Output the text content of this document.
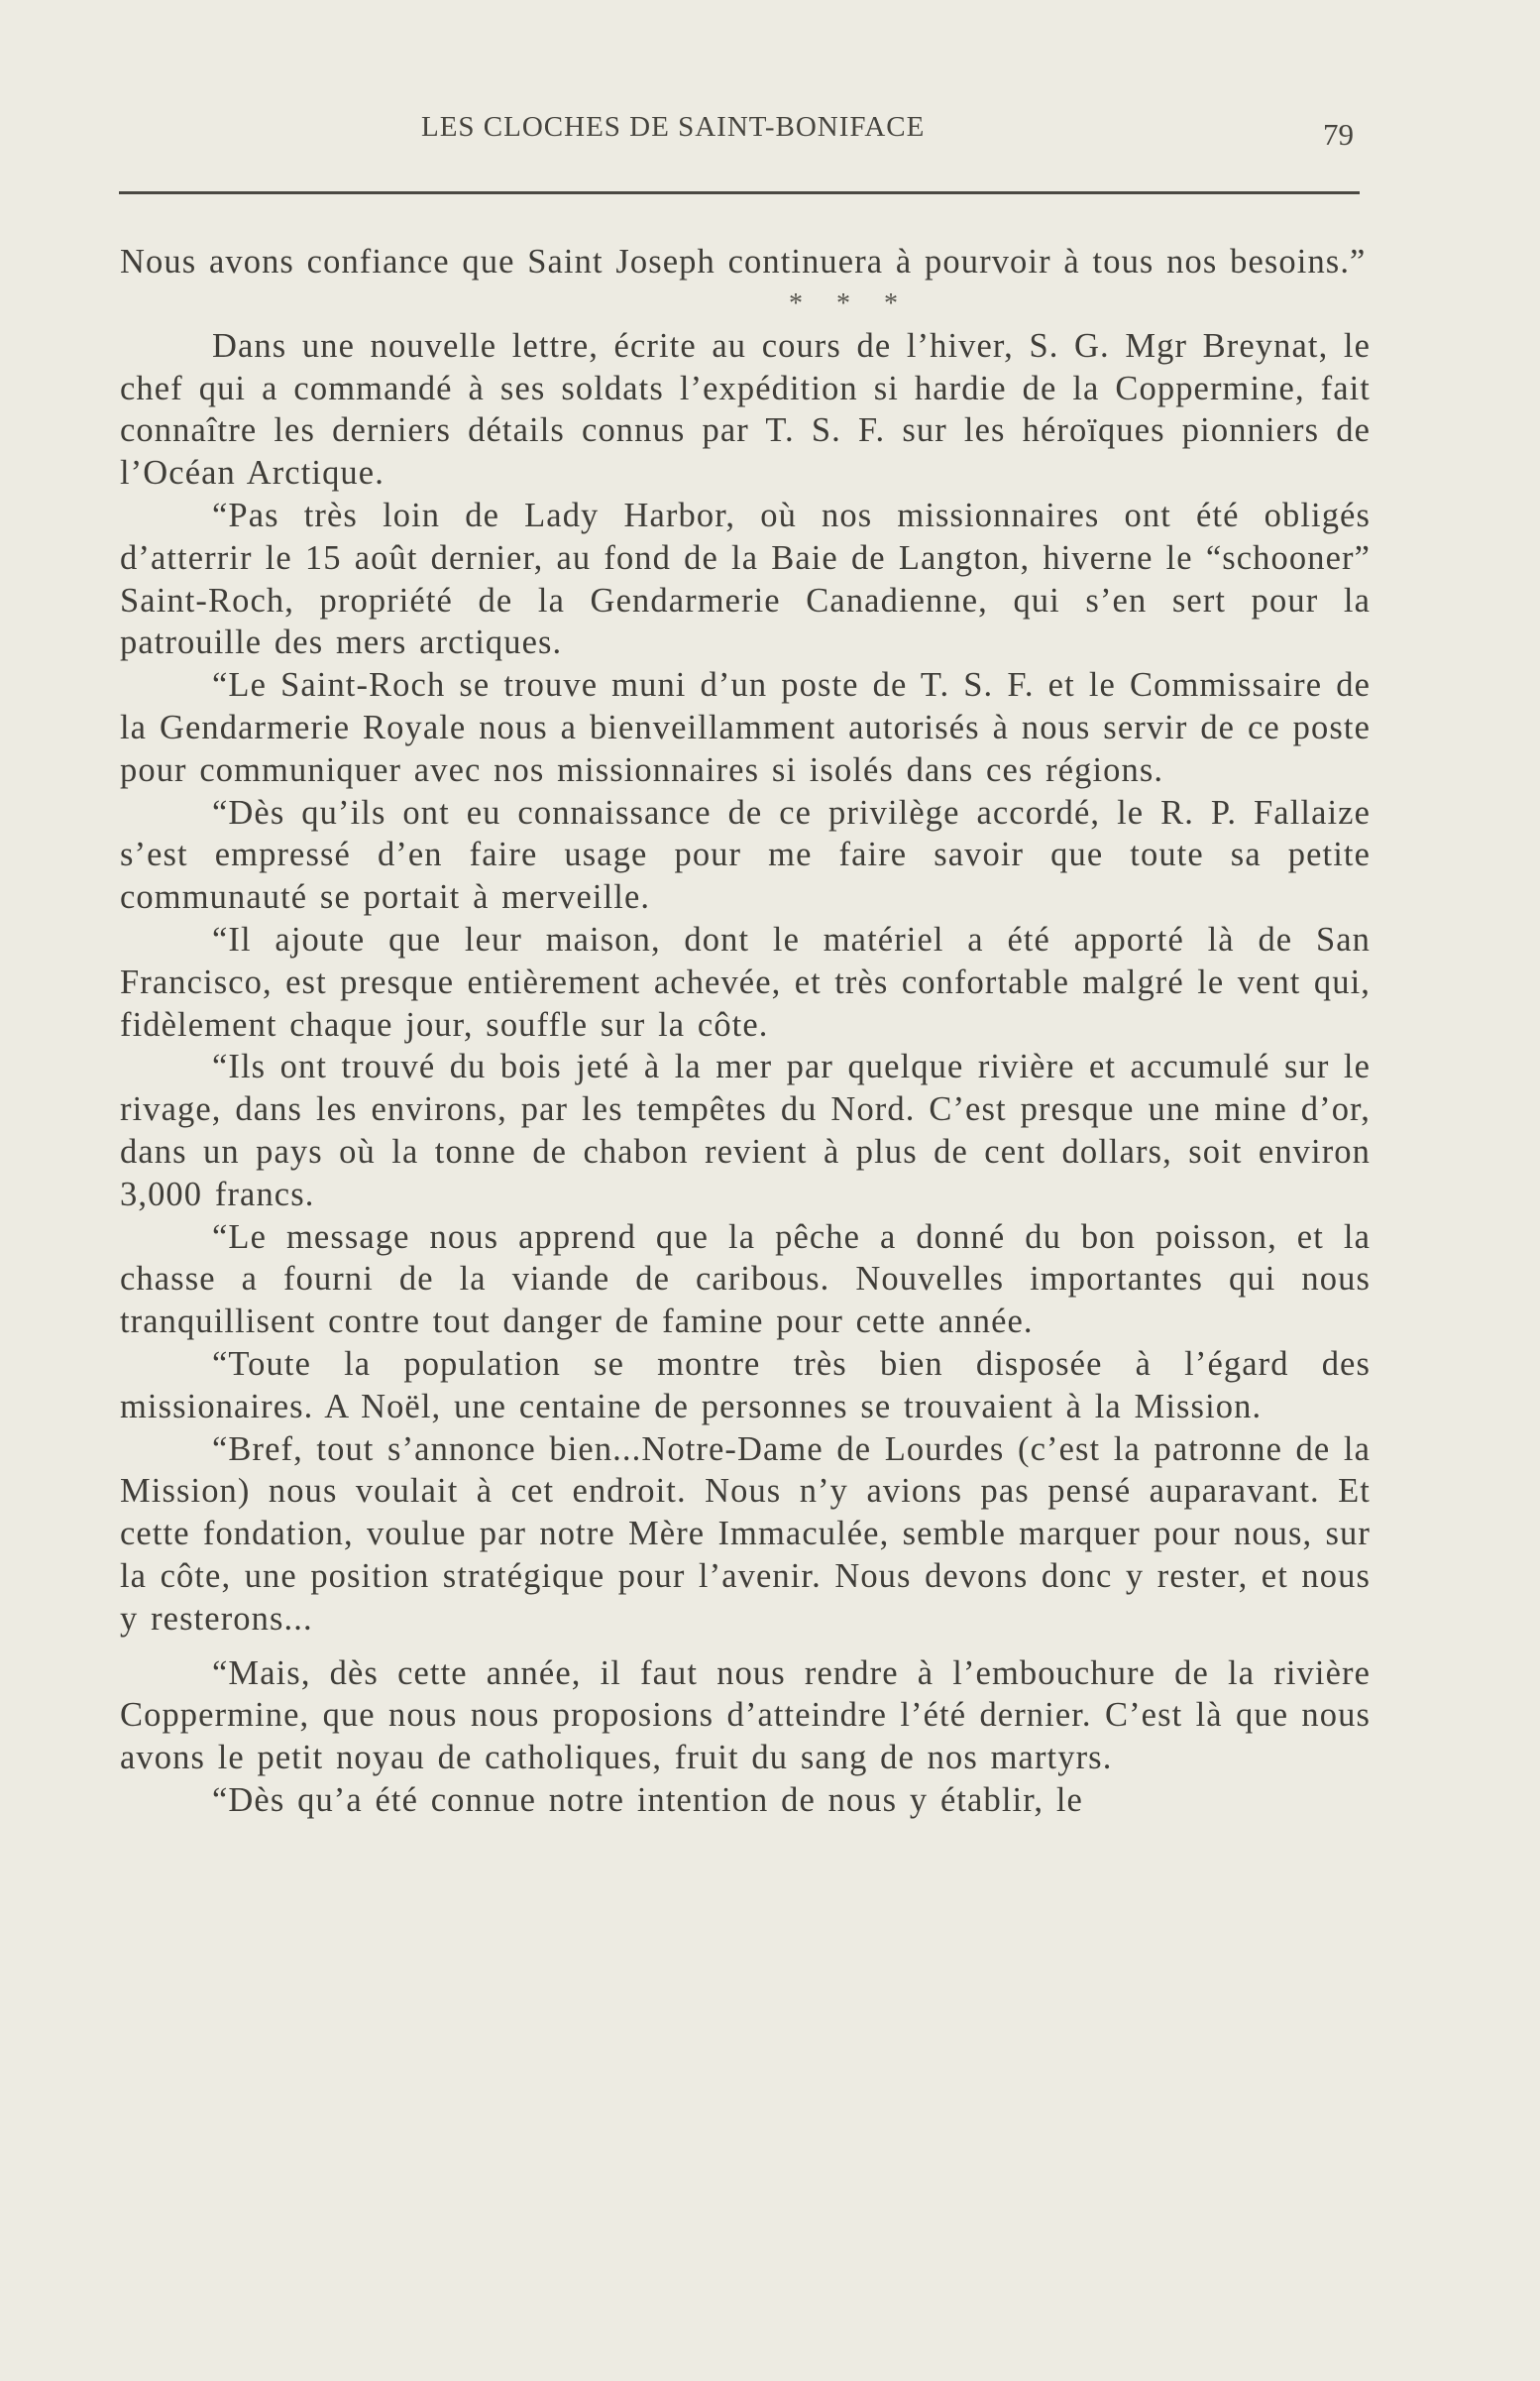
LES CLOCHES DE SAINT-BONIFACE	79

Nous avons confiance que Saint Joseph continuera à pourvoir à tous nos besoins.”

* * *

Dans une nouvelle lettre, écrite au cours de l’hiver, S. G. Mgr Breynat, le chef qui a commandé à ses soldats l’expédition si hardie de la Coppermine, fait connaître les derniers détails connus par T. S. F. sur les héroïques pionniers de l’Océan Arctique.

“Pas très loin de Lady Harbor, où nos missionnaires ont été obligés d’atterrir le 15 août dernier, au fond de la Baie de Langton, hiverne le “schooner” Saint-Roch, propriété de la Gendarmerie Canadienne, qui s’en sert pour la patrouille des mers arctiques.

“Le Saint-Roch se trouve muni d’un poste de T. S. F. et le Commissaire de la Gendarmerie Royale nous a bienveillamment autorisés à nous servir de ce poste pour communiquer avec nos missionnaires si isolés dans ces régions.

“Dès qu’ils ont eu connaissance de ce privilège accordé, le R. P. Fallaize s’est empressé d’en faire usage pour me faire savoir que toute sa petite communauté se portait à merveille.

“Il ajoute que leur maison, dont le matériel a été apporté là de San Francisco, est presque entièrement achevée, et très confortable malgré le vent qui, fidèlement chaque jour, souffle sur la côte.

“Ils ont trouvé du bois jeté à la mer par quelque rivière et accumulé sur le rivage, dans les environs, par les tempêtes du Nord. C’est presque une mine d’or, dans un pays où la tonne de chabon revient à plus de cent dollars, soit environ 3,000 francs.

“Le message nous apprend que la pêche a donné du bon poisson, et la chasse a fourni de la viande de caribous. Nouvelles importantes qui nous tranquillisent contre tout danger de famine pour cette année.

“Toute la population se montre très bien disposée à l’égard des missionaires. A Noël, une centaine de personnes se trouvaient à la Mission.

“Bref, tout s’annonce bien...Notre-Dame de Lourdes (c’est la patronne de la Mission) nous voulait à cet endroit. Nous n’y avions pas pensé auparavant. Et cette fondation, voulue par notre Mère Immaculée, semble marquer pour nous, sur la côte, une position stratégique pour l’avenir. Nous devons donc y rester, et nous y resterons...

“Mais, dès cette année, il faut nous rendre à l’embouchure de la rivière Coppermine, que nous nous proposions d’atteindre l’été dernier. C’est là que nous avons le petit noyau de catholiques, fruit du sang de nos martyrs.

“Dès qu’a été connue notre intention de nous y établir, le
